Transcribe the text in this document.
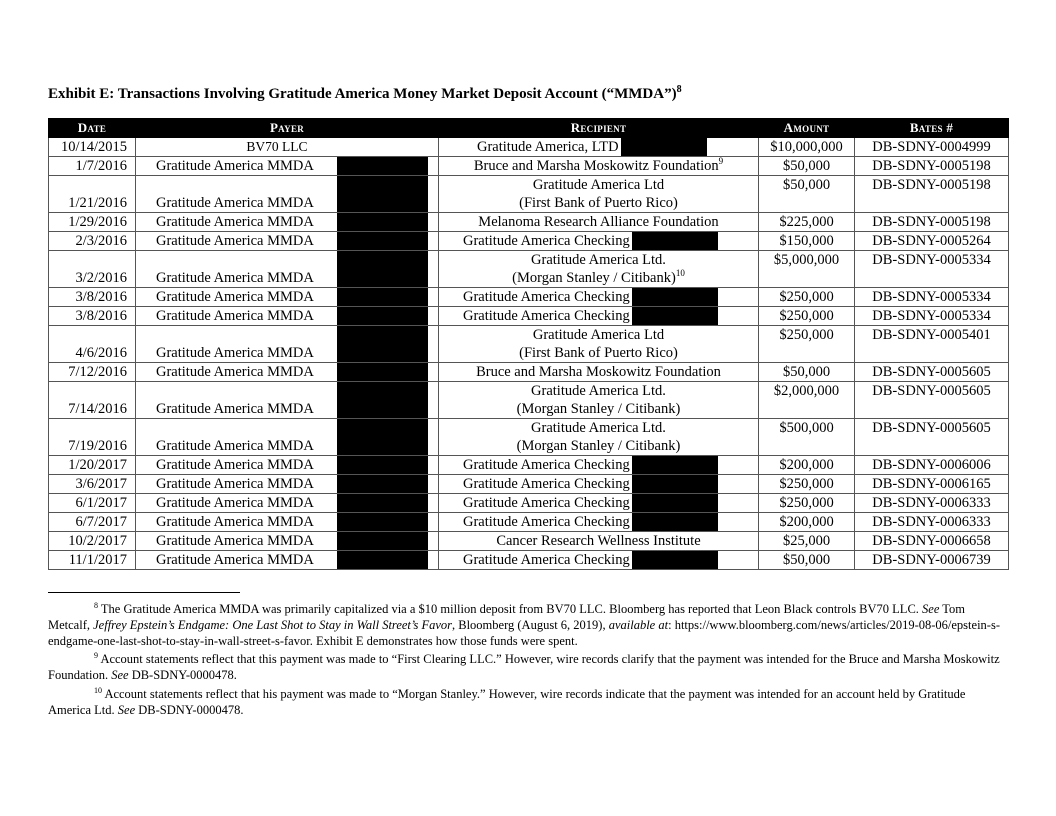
Exhibit E: Transactions Involving Gratitude America Money Market Deposit Account (“MMDA”)$^8$
Date	Payer	Recipient	Amount	Bates #
10/14/2015	BV70 LLC	Gratitude America, LTD	$10,000,000	DB-SDNY-0004999
1/7/2016	Gratitude America MMDA	Bruce and Marsha Moskowitz Foundation$^9$	$50,000	DB-SDNY-0005198
1/21/2016	Gratitude America MMDA	Gratitude America Ltd
(First Bank of Puerto Rico)	$50,000	DB-SDNY-0005198
1/29/2016	Gratitude America MMDA	Melanoma Research Alliance Foundation	$225,000	DB-SDNY-0005198
2/3/2016	Gratitude America MMDA	Gratitude America Checking	$150,000	DB-SDNY-0005264
3/2/2016	Gratitude America MMDA	Gratitude America Ltd.
(Morgan Stanley / Citibank)$^{10}$	$5,000,000	DB-SDNY-0005334
3/8/2016	Gratitude America MMDA	Gratitude America Checking	$250,000	DB-SDNY-0005334
3/8/2016	Gratitude America MMDA	Gratitude America Checking	$250,000	DB-SDNY-0005334
4/6/2016	Gratitude America MMDA	Gratitude America Ltd
(First Bank of Puerto Rico)	$250,000	DB-SDNY-0005401
7/12/2016	Gratitude America MMDA	Bruce and Marsha Moskowitz Foundation	$50,000	DB-SDNY-0005605
7/14/2016	Gratitude America MMDA	Gratitude America Ltd.
(Morgan Stanley / Citibank)	$2,000,000	DB-SDNY-0005605
7/19/2016	Gratitude America MMDA	Gratitude America Ltd.
(Morgan Stanley / Citibank)	$500,000	DB-SDNY-0005605
1/20/2017	Gratitude America MMDA	Gratitude America Checking	$200,000	DB-SDNY-0006006
3/6/2017	Gratitude America MMDA	Gratitude America Checking	$250,000	DB-SDNY-0006165
6/1/2017	Gratitude America MMDA	Gratitude America Checking	$250,000	DB-SDNY-0006333
6/7/2017	Gratitude America MMDA	Gratitude America Checking	$200,000	DB-SDNY-0006333
10/2/2017	Gratitude America MMDA	Cancer Research Wellness Institute	$25,000	DB-SDNY-0006658
11/1/2017	Gratitude America MMDA	Gratitude America Checking	$50,000	DB-SDNY-0006739
$^8$ The Gratitude America MMDA was primarily capitalized via a $10 million deposit from BV70 LLC. Bloomberg has reported that Leon Black controls BV70 LLC. See Tom Metcalf, Jeffrey Epstein’s Endgame: One Last Shot to Stay in Wall Street’s Favor, Bloomberg (August 6, 2019), available at: https://www.bloomberg.com/news/articles/2019-08-06/epstein-s-endgame-one-last-shot-to-stay-in-wall-street-s-favor. Exhibit E demonstrates how those funds were spent.
$^9$ Account statements reflect that this payment was made to “First Clearing LLC.” However, wire records clarify that the payment was intended for the Bruce and Marsha Moskowitz Foundation. See DB-SDNY-0000478.
$^{10}$ Account statements reflect that his payment was made to “Morgan Stanley.” However, wire records indicate that the payment was intended for an account held by Gratitude America Ltd. See DB-SDNY-0000478.
